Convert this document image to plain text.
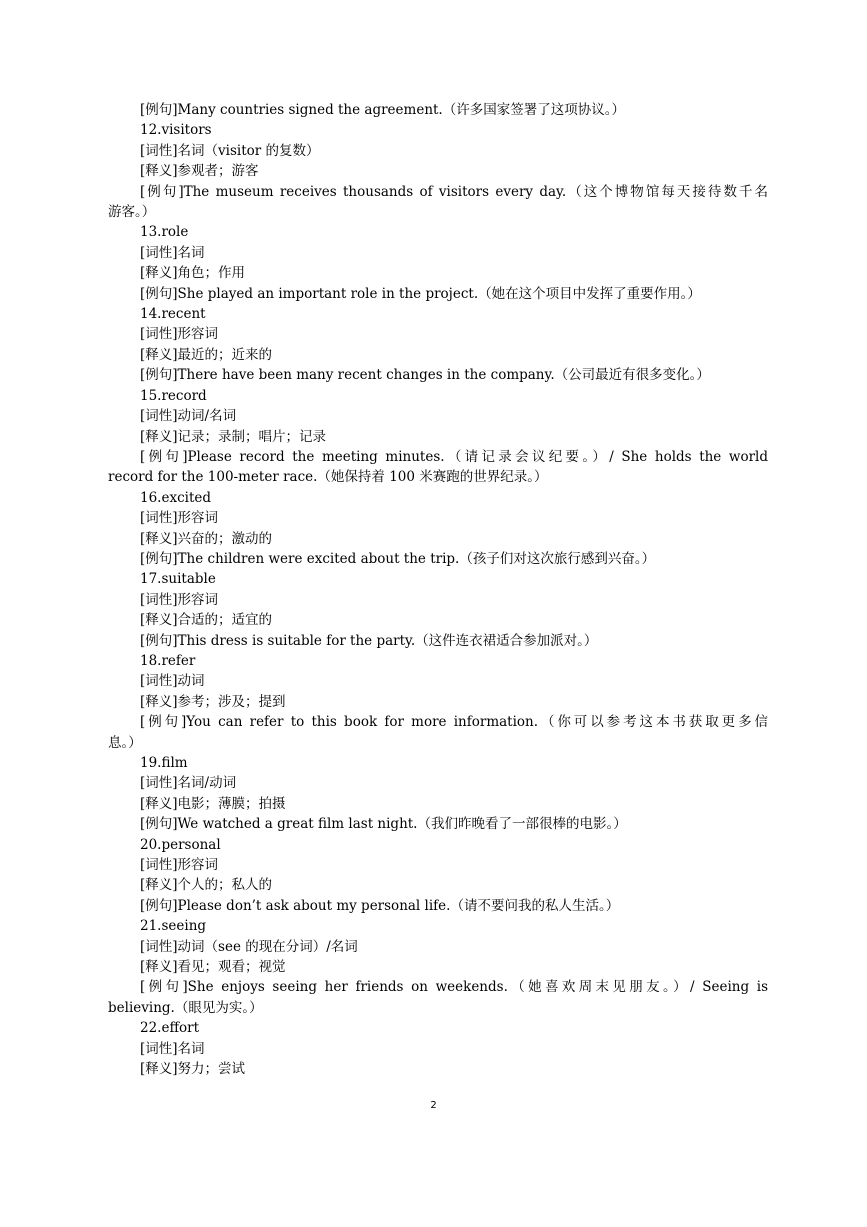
[例句]Many countries signed the agreement.（许多国家签署了这项协议。）

12.visitors

[词性]名词（visitor 的复数）

[释义]参观者；游客

[例句]The museum receives thousands of visitors every day.（这个博物馆每天接待数千名

游客。）

13.role

[词性]名词

[释义]角色；作用

[例句]She played an important role in the project.（她在这个项目中发挥了重要作用。）

14.recent

[词性]形容词

[释义]最近的；近来的

[例句]There have been many recent changes in the company.（公司最近有很多变化。）

15.record

[词性]动词/名词

[释义]记录；录制；唱片；记录

[例句]Please record the meeting minutes.（请记录会议纪要。）/ She holds the world

record for the 100-meter race.（她保持着 100 米赛跑的世界纪录。）

16.excited

[词性]形容词

[释义]兴奋的；激动的

[例句]The children were excited about the trip.（孩子们对这次旅行感到兴奋。）

17.suitable

[词性]形容词

[释义]合适的；适宜的

[例句]This dress is suitable for the party.（这件连衣裙适合参加派对。）

18.refer

[词性]动词

[释义]参考；涉及；提到

[例句]You can refer to this book for more information.（你可以参考这本书获取更多信

息。）

19.film

[词性]名词/动词

[释义]电影；薄膜；拍摄

[例句]We watched a great film last night.（我们昨晚看了一部很棒的电影。）

20.personal

[词性]形容词

[释义]个人的；私人的

[例句]Please don’t ask about my personal life.（请不要问我的私人生活。）

21.seeing

[词性]动词（see 的现在分词）/名词

[释义]看见；观看；视觉

[例句]She enjoys seeing her friends on weekends.（她喜欢周末见朋友。）/ Seeing is

believing.（眼见为实。）

22.effort

[词性]名词

[释义]努力；尝试

2
